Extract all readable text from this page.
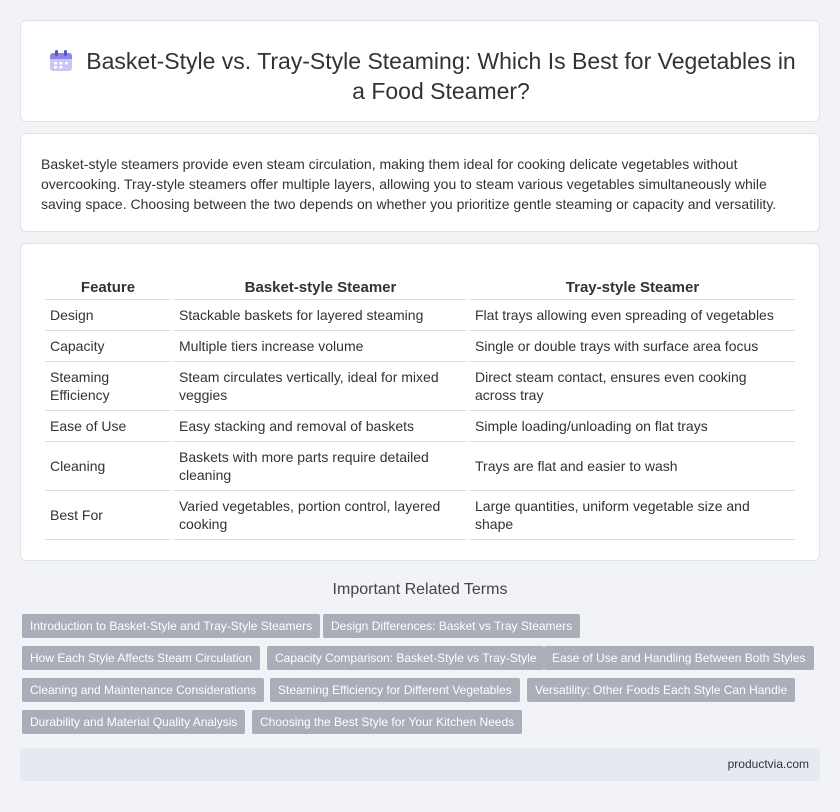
Basket-Style vs. Tray-Style Steaming: Which Is Best for Vegetables in a Food Steamer?

Basket-style steamers provide even steam circulation, making them ideal for cooking delicate vegetables without overcooking. Tray-style steamers offer multiple layers, allowing you to steam various vegetables simultaneously while saving space. Choosing between the two depends on whether you prioritize gentle steaming or capacity and versatility.

Feature	Basket-style Steamer	Tray-style Steamer
Design	Stackable baskets for layered steaming	Flat trays allowing even spreading of vegetables
Capacity	Multiple tiers increase volume	Single or double trays with surface area focus
Steaming Efficiency	Steam circulates vertically, ideal for mixed veggies	Direct steam contact, ensures even cooking across tray
Ease of Use	Easy stacking and removal of baskets	Simple loading/unloading on flat trays
Cleaning	Baskets with more parts require detailed cleaning	Trays are flat and easier to wash
Best For	Varied vegetables, portion control, layered cooking	Large quantities, uniform vegetable size and shape
Important Related Terms
Introduction to Basket-Style and Tray-Style Steamers	Design Differences: Basket vs Tray Steamers
How Each Style Affects Steam Circulation	Capacity Comparison: Basket-Style vs Tray-Style	Ease of Use and Handling Between Both Styles
Cleaning and Maintenance Considerations	Steaming Efficiency for Different Vegetables	Versatility: Other Foods Each Style Can Handle
Durability and Material Quality Analysis	Choosing the Best Style for Your Kitchen Needs
productvia.com
